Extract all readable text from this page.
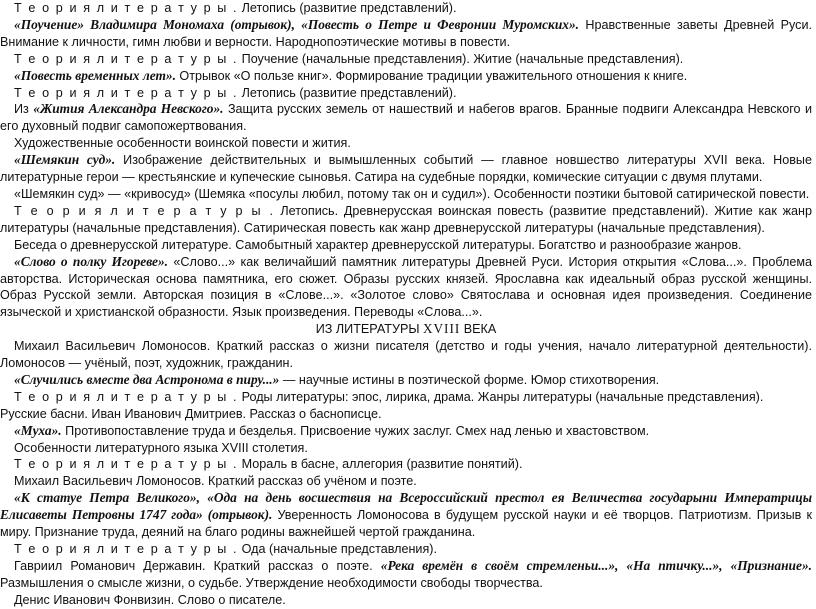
Т е о р и я л и т е р а т у р ы . Летопись (развитие представлений).

«Поучение» Владимира Мономаха (отрывок), «Повесть о Петре и Февронии Муромских». Нравственные заветы Древней Руси. Внимание к личности, гимн любви и верности. Народнопоэтические мотивы в повести.

Т е о р и я л и т е р а т у р ы . Поучение (начальные представления). Житие (начальные представления).

«Повесть временных лет». Отрывок «О пользе книг». Формирование традиции уважительного отношения к книге.

Т е о р и я л и т е р а т у р ы . Летопись (развитие представлений).

Из «Жития Александра Невского». Защита русских земель от нашествий и набегов врагов. Бранные подвиги Александра Невского и его духовный подвиг самопожертвования.

Художественные особенности воинской повести и жития.

«Шемякин суд». Изображение действительных и вымышленных событий — главное новшество литературы XVII века. Новые литературные герои — крестьянские и купеческие сыновья. Сатира на судебные порядки, комические ситуации с двумя плутами.

«Шемякин суд» — «кривосуд» (Шемяка «посулы любил, потому так он и судил»). Особенности поэтики бытовой сатирической повести.

Т е о р и я л и т е р а т у р ы . Летопись. Древнерусская воинская повесть (развитие представлений). Житие как жанр литературы (начальные представления). Сатирическая повесть как жанр древнерусской литературы (начальные представления).

Беседа о древнерусской литературе. Самобытный характер древнерусской литературы. Богатство и разнообразие жанров.

«Слово о полку Игореве». «Слово...» как величайший памятник литературы Древней Руси. История открытия «Слова...». Проблема авторства. Историческая основа памятника, его сюжет. Образы русских князей. Ярославна как идеальный образ русской женщины. Образ Русской земли. Авторская позиция в «Слове...». «Золотое слово» Святослава и основная идея произведения. Соединение языческой и христианской образности. Язык произведения. Переводы «Слова...».

ИЗ ЛИТЕРАТУРЫ XVIII ВЕКА

Михаил Васильевич Ломоносов. Краткий рассказ о жизни писателя (детство и годы учения, начало литературной деятельности). Ломоносов — учёный, поэт, художник, гражданин.

«Случились вместе два Астронома в пиру...» — научные истины в поэтической форме. Юмор стихотворения.

Т е о р и я л и т е р а т у р ы . Роды литературы: эпос, лирика, драма. Жанры литературы (начальные представления).

Русские басни. Иван Иванович Дмитриев. Рассказ о баснописце.

«Муха». Противопоставление труда и безделья. Присвоение чужих заслуг. Смех над ленью и хвастовством.

Особенности литературного языка XVIII столетия.

Т е о р и я л и т е р а т у р ы . Мораль в басне, аллегория (развитие понятий).

Михаил Васильевич Ломоносов. Краткий рассказ об учёном и поэте.

«К статуе Петра Великого», «Ода на день восшествия на Всероссийский престол ея Величества государыни Императрицы Елисаветы Петровны 1747 года» (отрывок). Уверенность Ломоносова в будущем русской науки и её творцов. Патриотизм. Призыв к миру. Признание труда, деяний на благо родины важнейшей чертой гражданина.

Т е о р и я л и т е р а т у р ы . Ода (начальные представления).

Гавриил Романович Державин. Краткий рассказ о поэте. «Река времён в своём стремленьи...», «На птичку...», «Признание». Размышления о смысле жизни, о судьбе. Утверждение необходимости свободы творчества.

Денис Иванович Фонвизин. Слово о писателе.
